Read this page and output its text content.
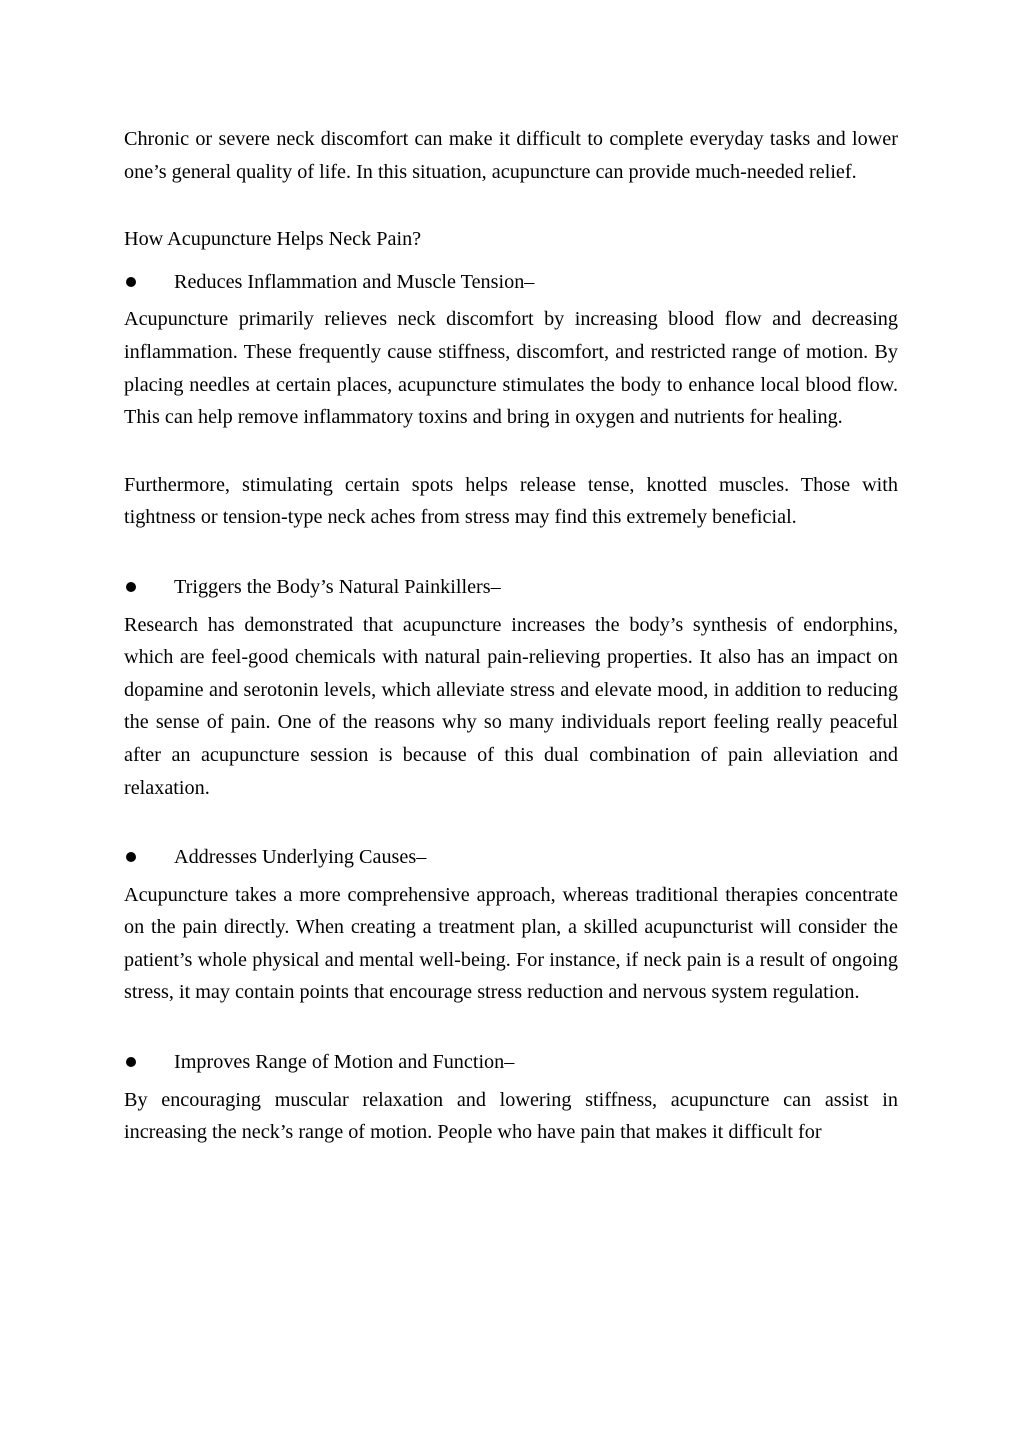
Chronic or severe neck discomfort can make it difficult to complete everyday tasks and lower one’s general quality of life. In this situation, acupuncture can provide much-needed relief.

How Acupuncture Helps Neck Pain?

Reduces Inflammation and Muscle Tension–

Acupuncture primarily relieves neck discomfort by increasing blood flow and decreasing inflammation. These frequently cause stiffness, discomfort, and restricted range of motion. By placing needles at certain places, acupuncture stimulates the body to enhance local blood flow. This can help remove inflammatory toxins and bring in oxygen and nutrients for healing.

Furthermore, stimulating certain spots helps release tense, knotted muscles. Those with tightness or tension-type neck aches from stress may find this extremely beneficial.

Triggers the Body’s Natural Painkillers–

Research has demonstrated that acupuncture increases the body’s synthesis of endorphins, which are feel-good chemicals with natural pain-relieving properties. It also has an impact on dopamine and serotonin levels, which alleviate stress and elevate mood, in addition to reducing the sense of pain. One of the reasons why so many individuals report feeling really peaceful after an acupuncture session is because of this dual combination of pain alleviation and relaxation.

Addresses Underlying Causes–

Acupuncture takes a more comprehensive approach, whereas traditional therapies concentrate on the pain directly. When creating a treatment plan, a skilled acupuncturist will consider the patient’s whole physical and mental well-being. For instance, if neck pain is a result of ongoing stress, it may contain points that encourage stress reduction and nervous system regulation.

Improves Range of Motion and Function–

By encouraging muscular relaxation and lowering stiffness, acupuncture can assist in increasing the neck’s range of motion. People who have pain that makes it difficult for
